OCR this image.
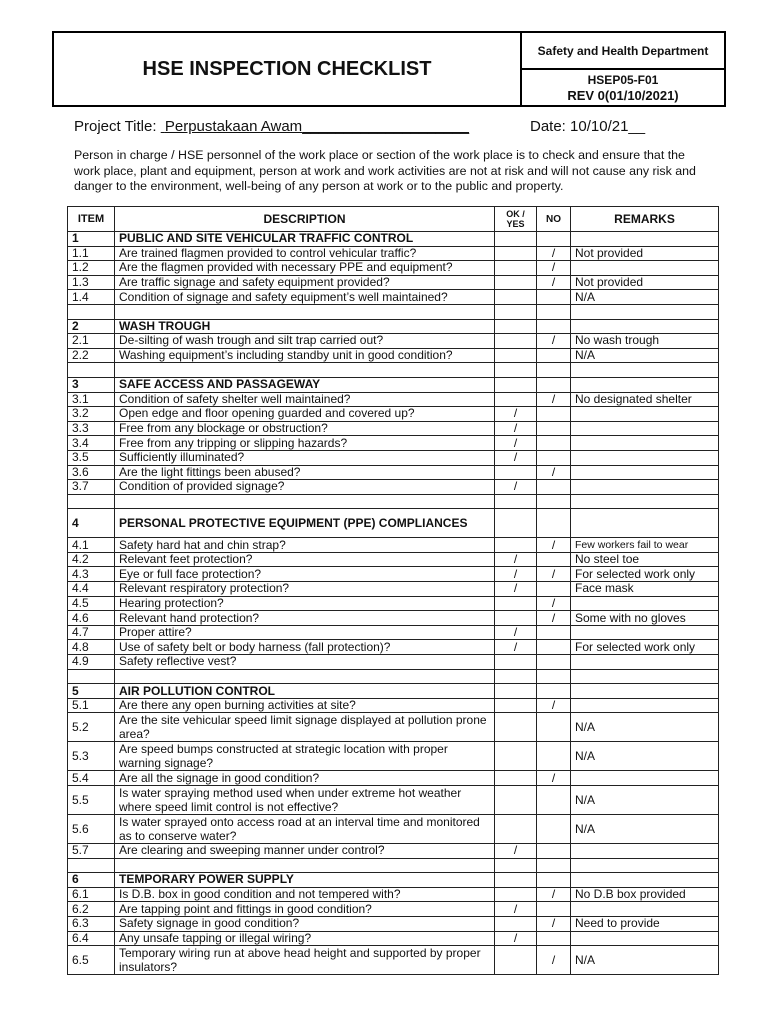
HSE INSPECTION CHECKLIST
Safety and Health Department
HSEP05-F01
REV 0(01/10/2021)
Project Title: Perpustakaan Awam____________________	Date: 10/10/21__
Person in charge / HSE personnel of the work place or section of the work place is to check and ensure that the work place, plant and equipment, person at work and work activities are not at risk and will not cause any risk and danger to the environment, well-being of any person at work or to the public and property.
ITEM	DESCRIPTION	OK / YES	NO	REMARKS
1	PUBLIC AND SITE VEHICULAR TRAFFIC CONTROL			
1.1	Are trained flagmen provided to control vehicular traffic?		/	Not provided
1.2	Are the flagmen provided with necessary PPE and equipment?		/	
1.3	Are traffic signage and safety equipment provided?		/	Not provided
1.4	Condition of signage and safety equipment’s well maintained?			N/A

2	WASH TROUGH			
2.1	De-silting of wash trough and silt trap carried out?		/	No wash trough
2.2	Washing equipment’s including standby unit in good condition?			N/A

3	SAFE ACCESS AND PASSAGEWAY			
3.1	Condition of safety shelter well maintained?		/	No designated shelter
3.2	Open edge and floor opening guarded and covered up?	/		
3.3	Free from any blockage or obstruction?	/		
3.4	Free from any tripping or slipping hazards?	/		
3.5	Sufficiently illuminated?	/		
3.6	Are the light fittings been abused?		/	
3.7	Condition of provided signage?	/		

4	PERSONAL PROTECTIVE EQUIPMENT (PPE) COMPLIANCES			
4.1	Safety hard hat and chin strap?		/	Few workers fail to wear
4.2	Relevant feet protection?	/		No steel toe
4.3	Eye or full face protection?	/	/	For selected work only
4.4	Relevant respiratory protection?	/		Face mask
4.5	Hearing protection?		/	
4.6	Relevant hand protection?		/	Some with no gloves
4.7	Proper attire?	/		
4.8	Use of safety belt or body harness (fall protection)?	/		For selected work only
4.9	Safety reflective vest?			

5	AIR POLLUTION CONTROL			
5.1	Are there any open burning activities at site?		/	
5.2	Are the site vehicular speed limit signage displayed at pollution prone area?			N/A
5.3	Are speed bumps constructed at strategic location with proper warning signage?			N/A
5.4	Are all the signage in good condition?		/	
5.5	Is water spraying method used when under extreme hot weather where speed limit control is not effective?			N/A
5.6	Is water sprayed onto access road at an interval time and monitored as to conserve water?			N/A
5.7	Are clearing and sweeping manner under control?	/		

6	TEMPORARY POWER SUPPLY			
6.1	Is D.B. box in good condition and not tempered with?		/	No D.B box provided
6.2	Are tapping point and fittings in good condition?	/		
6.3	Safety signage in good condition?		/	Need to provide
6.4	Any unsafe tapping or illegal wiring?	/		
6.5	Temporary wiring run at above head height and supported by proper insulators?		/	N/A
